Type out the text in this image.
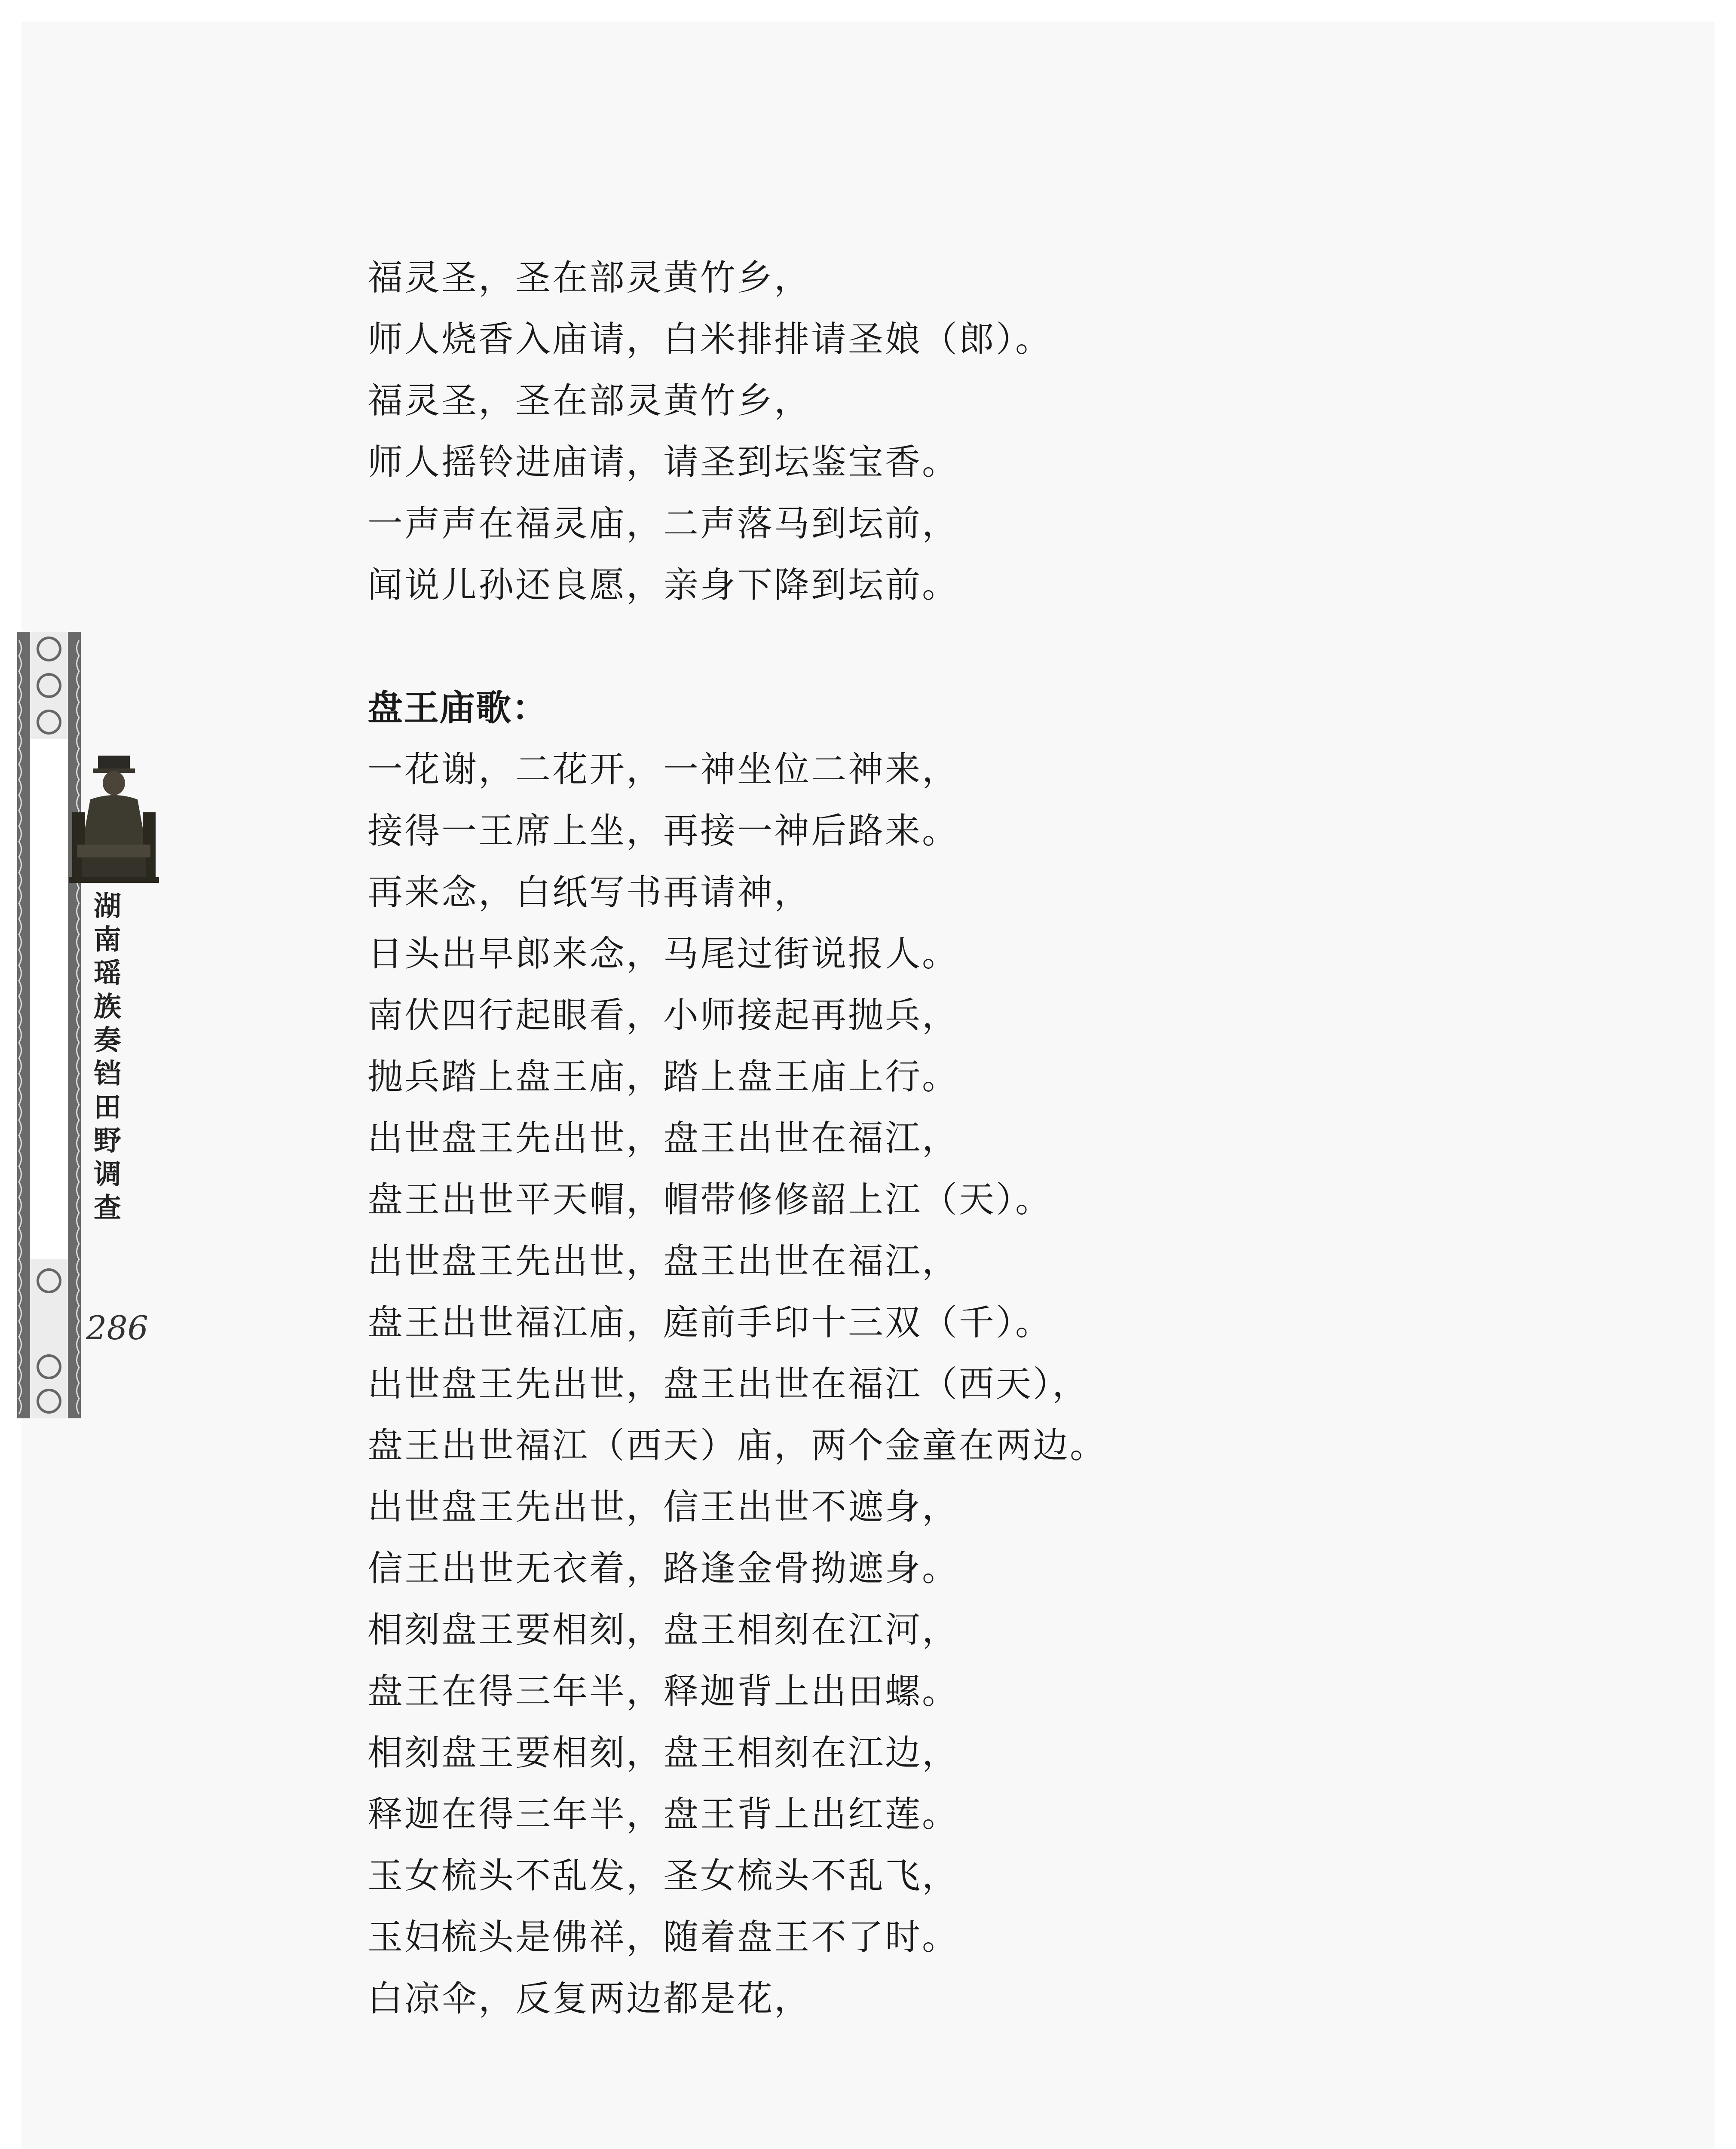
湖
南
瑶
族
奏
铛
田
野
调
查
286
福灵圣，圣在部灵黄竹乡，
师人烧香入庙请，白米排排请圣娘（郎）。
福灵圣，圣在部灵黄竹乡，
师人摇铃进庙请，请圣到坛鉴宝香。
一声声在福灵庙，二声落马到坛前，
闻说儿孙还良愿，亲身下降到坛前。
盘王庙歌：
一花谢，二花开，一神坐位二神来，
接得一王席上坐，再接一神后路来。
再来念，白纸写书再请神，
日头出早郎来念，马尾过街说报人。
南伏四行起眼看，小师接起再抛兵，
抛兵踏上盘王庙，踏上盘王庙上行。
出世盘王先出世，盘王出世在福江，
盘王出世平天帽，帽带修修韶上江（天）。
出世盘王先出世，盘王出世在福江，
盘王出世福江庙，庭前手印十三双（千）。
出世盘王先出世，盘王出世在福江（西天），
盘王出世福江（西天）庙，两个金童在两边。
出世盘王先出世，信王出世不遮身，
信王出世无衣着，路逢金骨拗遮身。
相刻盘王要相刻，盘王相刻在江河，
盘王在得三年半，释迦背上出田螺。
相刻盘王要相刻，盘王相刻在江边，
释迦在得三年半，盘王背上出红莲。
玉女梳头不乱发，圣女梳头不乱飞，
玉妇梳头是佛祥，随着盘王不了时。
白凉伞，反复两边都是花，
